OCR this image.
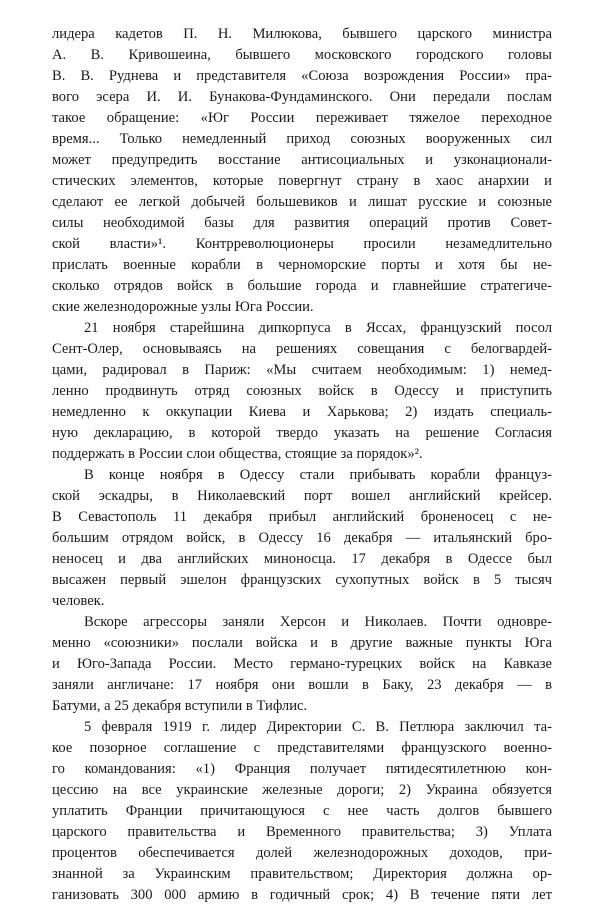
лидера кадетов П. Н. Милюкова, бывшего царского министра
А. В. Кривошеина, бывшего московского городского головы
В. В. Руднева и представителя «Союза возрождения России» пра-
вого эсера И. И. Бунакова-Фундаминского. Они передали послам
такое обращение: «Юг России переживает тяжелое переходное
время... Только немедленный приход союзных вооруженных сил
может предупредить восстание антисоциальных и узконационали-
стических элементов, которые повергнут страну в хаос анархии и
сделают ее легкой добычей большевиков и лишат русские и союзные
силы необходимой базы для развития операций против Совет-
ской власти»¹. Контрреволюционеры просили незамедлительно
прислать военные корабли в черноморские порты и хотя бы не-
сколько отрядов войск в большие города и главнейшие стратегиче-
ские железнодорожные узлы Юга России.
21 ноября старейшина дипкорпуса в Яссах, французский посол
Сент-Олер, основываясь на решениях совещания с белогвардей-
цами, радировал в Париж: «Мы считаем необходимым: 1) немед-
ленно продвинуть отряд союзных войск в Одессу и приступить
немедленно к оккупации Киева и Харькова; 2) издать специаль-
ную декларацию, в которой твердо указать на решение Согласия
поддержать в России слои общества, стоящие за порядок»².
В конце ноября в Одессу стали прибывать корабли француз-
ской эскадры, в Николаевский порт вошел английский крейсер.
В Севастополь 11 декабря прибыл английский броненосец с не-
большим отрядом войск, в Одессу 16 декабря — итальянский бро-
неносец и два английских миноносца. 17 декабря в Одессе был
высажен первый эшелон французских сухопутных войск в 5 тысяч
человек.
Вскоре агрессоры заняли Херсон и Николаев. Почти одновре-
менно «союзники» послали войска и в другие важные пункты Юга
и Юго-Запада России. Место германо-турецких войск на Кавказе
заняли англичане: 17 ноября они вошли в Баку, 23 декабря — в
Батуми, а 25 декабря вступили в Тифлис.
5 февраля 1919 г. лидер Директории С. В. Петлюра заключил та-
кое позорное соглашение с представителями французского военно-
го командования: «1) Франция получает пятидесятилетнюю кон-
цессию на все украинские железные дороги; 2) Украина обязуется
уплатить Франции причитающуюся с нее часть долгов бывшего
царского правительства и Временного правительства; 3) Уплата
процентов обеспечивается долей железнодорожных доходов, при-
знанной за Украинским правительством; Директория должна ор-
ганизовать 300 000 армию в годичный срок; 4) В течение пяти лет
